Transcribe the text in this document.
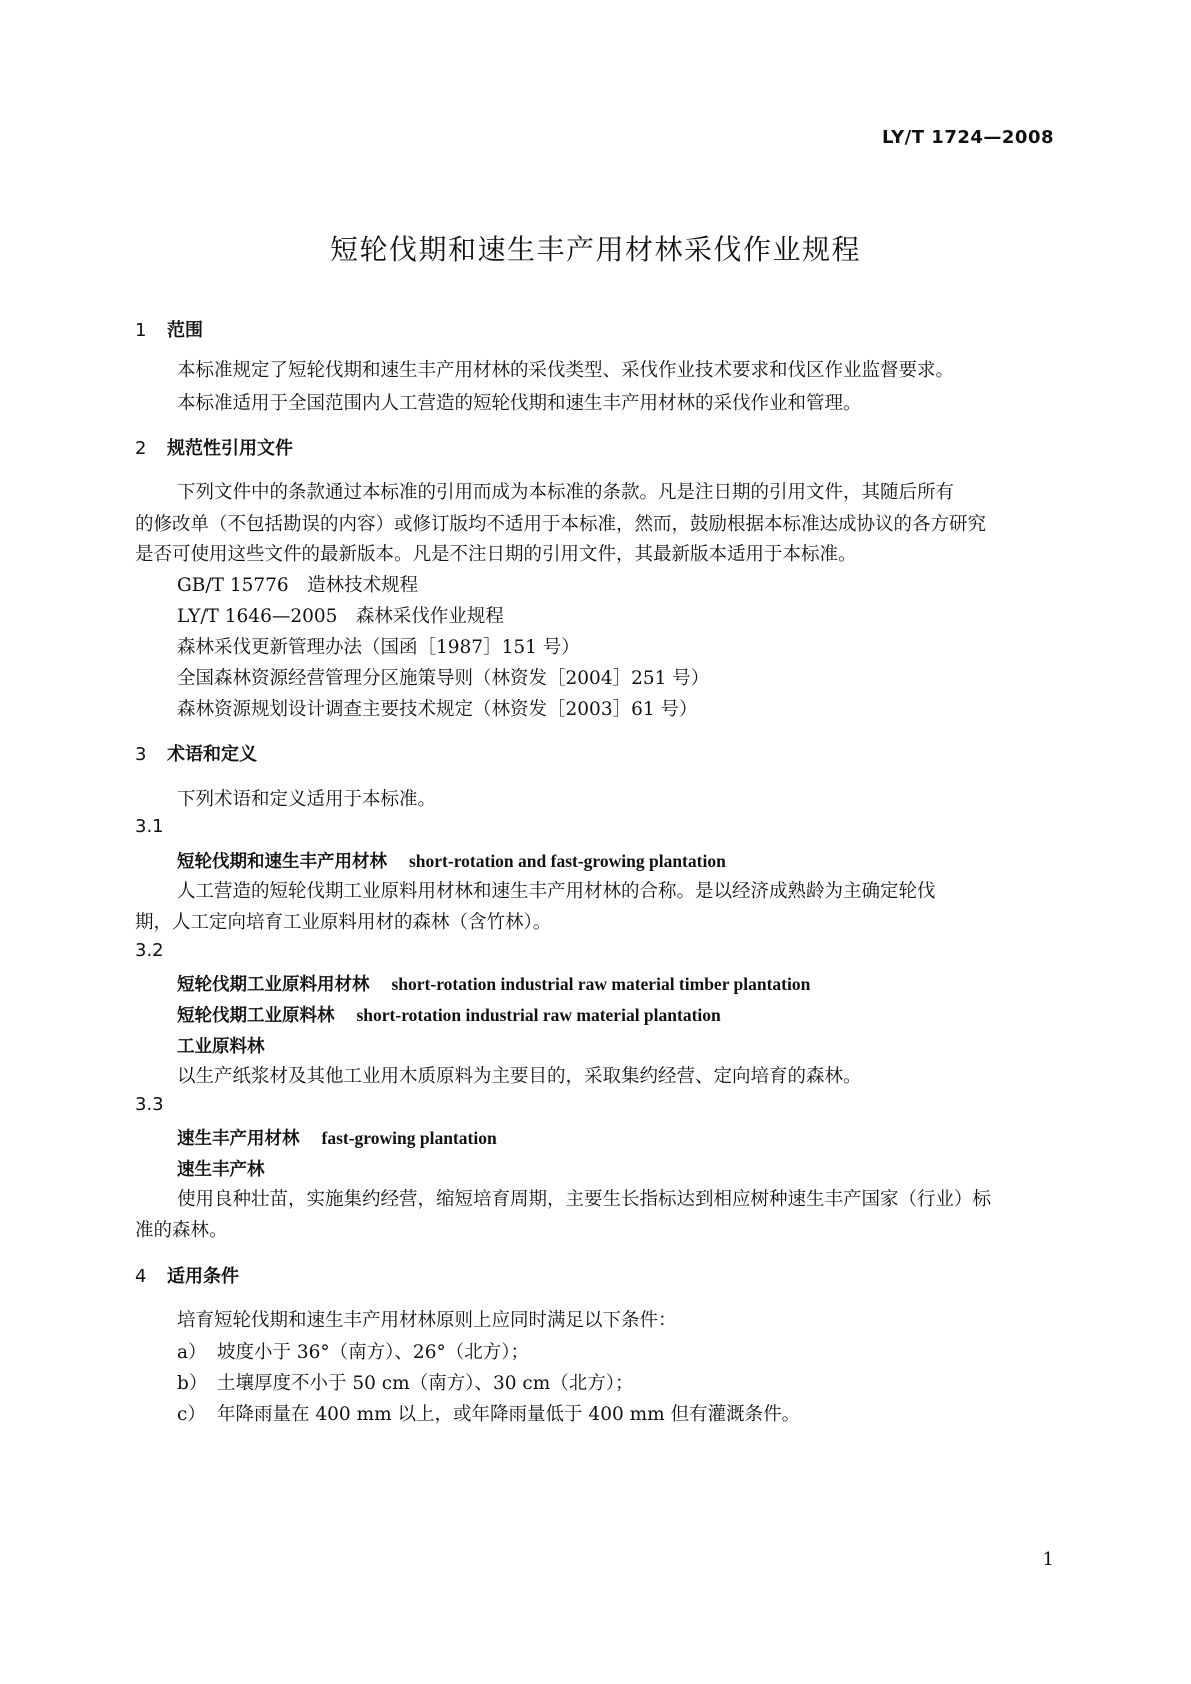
LY/T 1724—2008
短轮伐期和速生丰产用材林采伐作业规程
1 范围
本标准规定了短轮伐期和速生丰产用材林的采伐类型、采伐作业技术要求和伐区作业监督要求。
本标准适用于全国范围内人工营造的短轮伐期和速生丰产用材林的采伐作业和管理。
2 规范性引用文件
下列文件中的条款通过本标准的引用而成为本标准的条款。凡是注日期的引用文件，其随后所有
的修改单（不包括勘误的内容）或修订版均不适用于本标准，然而，鼓励根据本标准达成协议的各方研究
是否可使用这些文件的最新版本。凡是不注日期的引用文件，其最新版本适用于本标准。
GB/T 15776　造林技术规程
LY/T 1646—2005　森林采伐作业规程
森林采伐更新管理办法（国函［1987］151 号）
全国森林资源经营管理分区施策导则（林资发［2004］251 号）
森林资源规划设计调查主要技术规定（林资发［2003］61 号）
3 术语和定义
下列术语和定义适用于本标准。
3.1
短轮伐期和速生丰产用材林 short-rotation and fast-growing plantation
人工营造的短轮伐期工业原料用材林和速生丰产用材林的合称。是以经济成熟龄为主确定轮伐
期，人工定向培育工业原料用材的森林（含竹林）。
3.2
短轮伐期工业原料用材林 short-rotation industrial raw material timber plantation
短轮伐期工业原料林 short-rotation industrial raw material plantation
工业原料林
以生产纸浆材及其他工业用木质原料为主要目的，采取集约经营、定向培育的森林。
3.3
速生丰产用材林 fast-growing plantation
速生丰产林
使用良种壮苗，实施集约经营，缩短培育周期，主要生长指标达到相应树种速生丰产国家（行业）标
准的森林。
4 适用条件
培育短轮伐期和速生丰产用材林原则上应同时满足以下条件：
a） 坡度小于 36°（南方）、26°（北方）；
b） 土壤厚度不小于 50 cm（南方）、30 cm（北方）；
c） 年降雨量在 400 mm 以上，或年降雨量低于 400 mm 但有灌溉条件。
1
